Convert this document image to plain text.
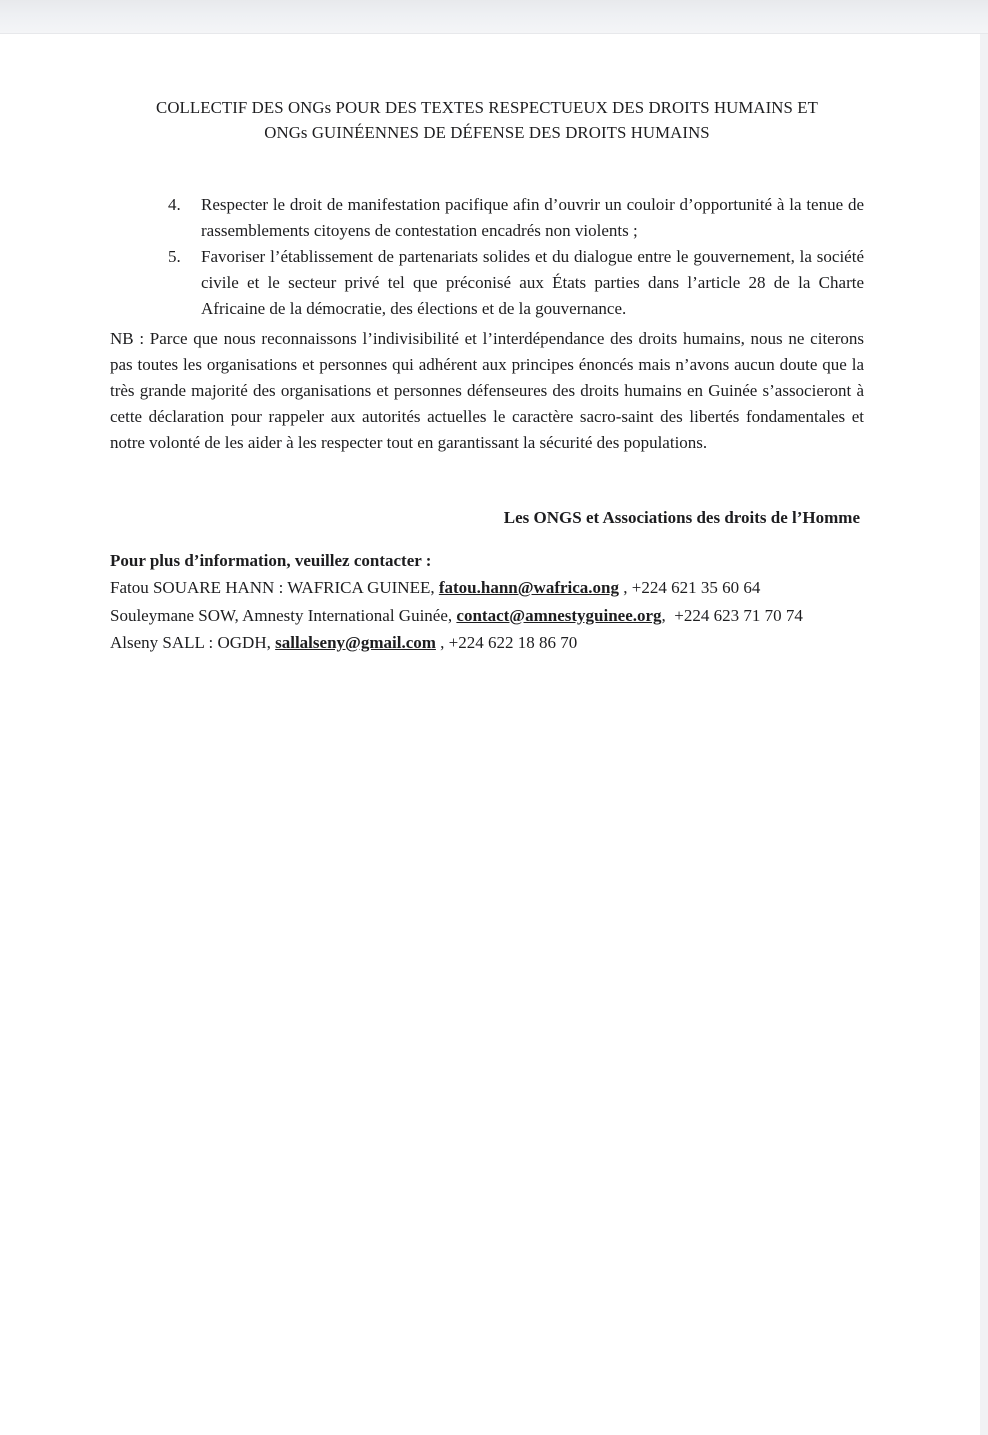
COLLECTIF DES ONGs POUR DES TEXTES RESPECTUEUX DES DROITS HUMAINS ET
ONGs GUINÉENNES DE DÉFENSE DES DROITS HUMAINS
4.	Respecter le droit de manifestation pacifique afin d’ouvrir un couloir d’opportunité à la tenue de rassemblements citoyens de contestation encadrés non violents ;
5.	Favoriser l’établissement de partenariats solides et du dialogue entre le gouvernement, la société civile et le secteur privé tel que préconisé aux États parties dans l’article 28 de la Charte Africaine de la démocratie, des élections et de la gouvernance.

NB : Parce que nous reconnaissons l’indivisibilité et l’interdépendance des droits humains, nous ne citerons pas toutes les organisations et personnes qui adhérent aux principes énoncés mais n’avons aucun doute que la très grande majorité des organisations et personnes défenseures des droits humains en Guinée s’associeront à cette déclaration pour rappeler aux autorités actuelles le caractère sacro-saint des libertés fondamentales et notre volonté de les aider à les respecter tout en garantissant la sécurité des populations.

Les ONGS et Associations des droits de l’Homme

Pour plus d’information, veuillez contacter :

Fatou SOUARE HANN : WAFRICA GUINEE, fatou.hann@wafrica.ong , +224 621 35 60 64

Souleymane SOW, Amnesty International Guinée, contact@amnestyguinee.org,  +224 623 71 70 74

Alseny SALL : OGDH, sallalseny@gmail.com , +224 622 18 86 70
